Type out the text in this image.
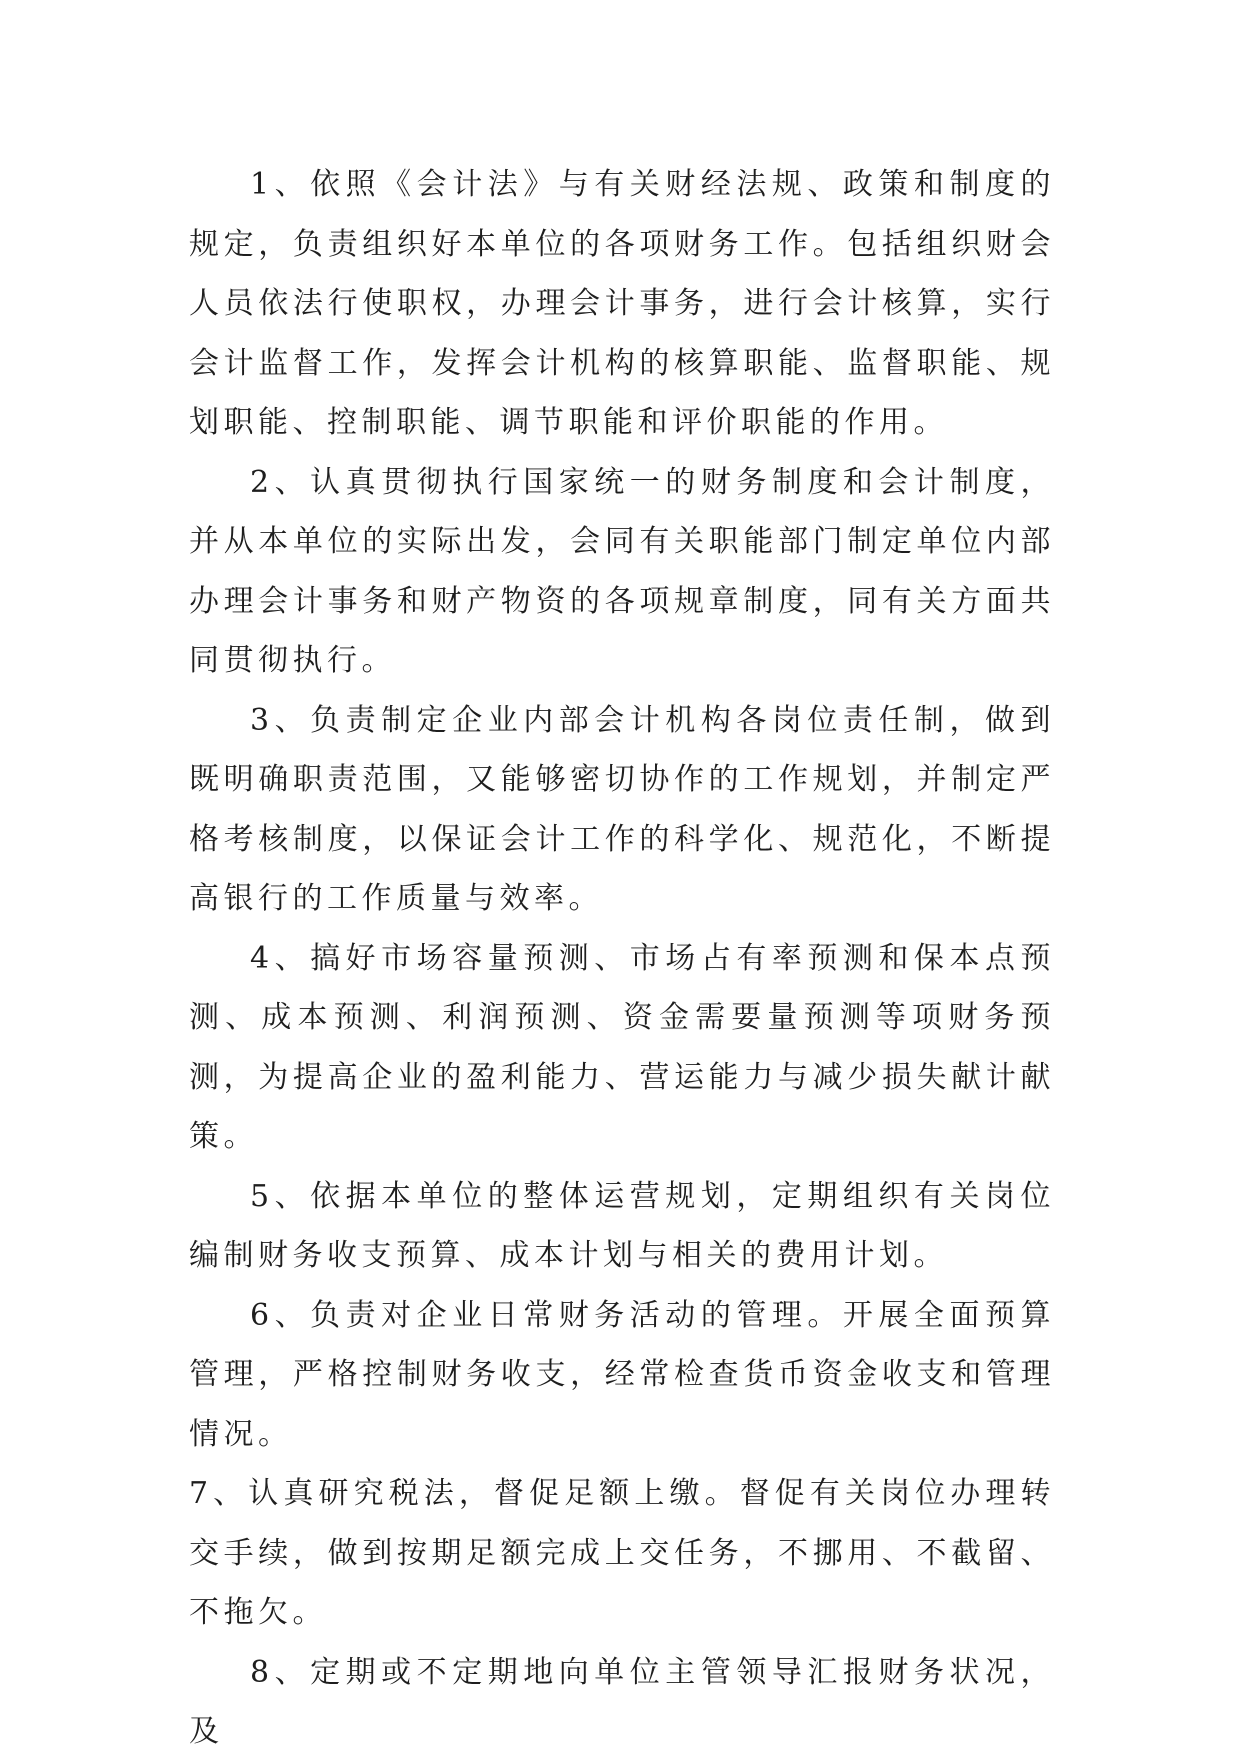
1、依照《会计法》与有关财经法规、政策和制度的规定，负责组织好本单位的各项财务工作。包括组织财会人员依法行使职权，办理会计事务，进行会计核算，实行会计监督工作，发挥会计机构的核算职能、监督职能、规划职能、控制职能、调节职能和评价职能的作用。

2、认真贯彻执行国家统一的财务制度和会计制度，并从本单位的实际出发，会同有关职能部门制定单位内部办理会计事务和财产物资的各项规章制度，同有关方面共同贯彻执行。

3、负责制定企业内部会计机构各岗位责任制，做到既明确职责范围，又能够密切协作的工作规划，并制定严格考核制度，以保证会计工作的科学化、规范化，不断提高银行的工作质量与效率。

4、搞好市场容量预测、市场占有率预测和保本点预测、成本预测、利润预测、资金需要量预测等项财务预测，为提高企业的盈利能力、营运能力与减少损失献计献策。

5、依据本单位的整体运营规划，定期组织有关岗位编制财务收支预算、成本计划与相关的费用计划。

6、负责对企业日常财务活动的管理。开展全面预算管理，严格控制财务收支，经常检查货币资金收支和管理情况。

7、认真研究税法，督促足额上缴。督促有关岗位办理转交手续，做到按期足额完成上交任务，不挪用、不截留、不拖欠。

8、定期或不定期地向单位主管领导汇报财务状况，及
